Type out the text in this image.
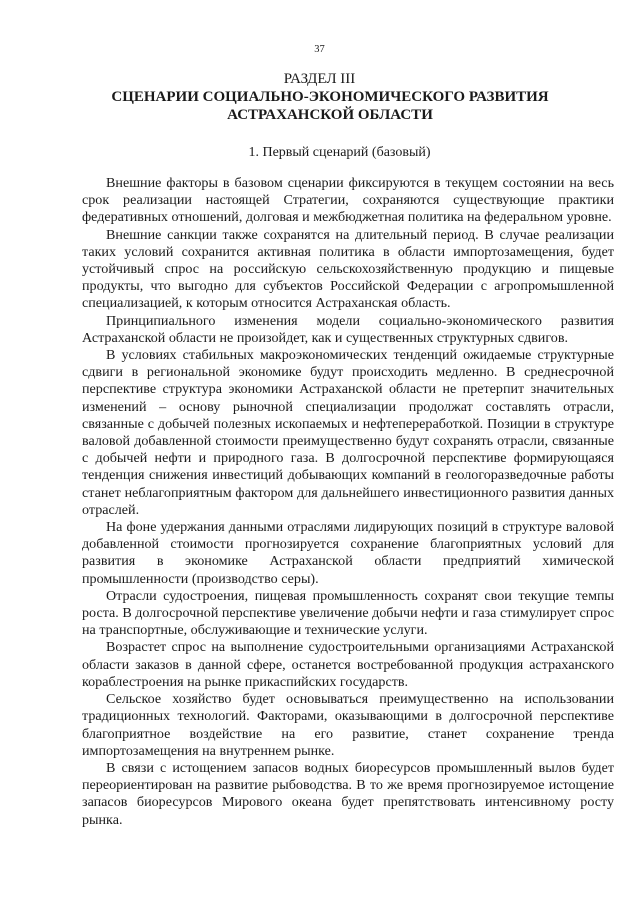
37
РАЗДЕЛ III
СЦЕНАРИИ СОЦИАЛЬНО-ЭКОНОМИЧЕСКОГО РАЗВИТИЯ АСТРАХАНСКОЙ ОБЛАСТИ
1. Первый сценарий (базовый)

Внешние факторы в базовом сценарии фиксируются в текущем состоянии на весь срок реализации настоящей Стратегии, сохраняются существующие практики федеративных отношений, долговая и межбюджетная политика на федеральном уровне.

Внешние санкции также сохранятся на длительный период. В случае реализации таких условий сохранится активная политика в области импортозамещения, будет устойчивый спрос на российскую сельскохозяйственную продукцию и пищевые продукты, что выгодно для субъектов Российской Федерации с агропромышленной специализацией, к которым относится Астраханская область.

Принципиального изменения модели социально-экономического развития Астраханской области не произойдет, как и существенных структурных сдвигов.

В условиях стабильных макроэкономических тенденций ожидаемые структурные сдвиги в региональной экономике будут происходить медленно. В среднесрочной перспективе структура экономики Астраханской области не претерпит значительных изменений – основу рыночной специализации продолжат составлять отрасли, связанные с добычей полезных ископаемых и нефтепереработкой. Позиции в структуре валовой добавленной стоимости преимущественно будут сохранять отрасли, связанные с добычей нефти и природного газа. В долгосрочной перспективе формирующаяся тенденция снижения инвестиций добывающих компаний в геологоразведочные работы станет неблагоприятным фактором для дальнейшего инвестиционного развития данных отраслей.

На фоне удержания данными отраслями лидирующих позиций в структуре валовой добавленной стоимости прогнозируется сохранение благоприятных условий для развития в экономике Астраханской области предприятий химической промышленности (производство серы).

Отрасли судостроения, пищевая промышленность сохранят свои текущие темпы роста. В долгосрочной перспективе увеличение добычи нефти и газа стимулирует спрос на транспортные, обслуживающие и технические услуги.

Возрастет спрос на выполнение судостроительными организациями Астраханской области заказов в данной сфере, останется востребованной продукция астраханского кораблестроения на рынке прикаспийских государств.

Сельское хозяйство будет основываться преимущественно на использовании традиционных технологий. Факторами, оказывающими в долгосрочной перспективе благоприятное воздействие на его развитие, станет сохранение тренда импортозамещения на внутреннем рынке.

В связи с истощением запасов водных биоресурсов промышленный вылов будет переориентирован на развитие рыбоводства. В то же время прогнозируемое истощение запасов биоресурсов Мирового океана будет препятствовать интенсивному росту рынка.
